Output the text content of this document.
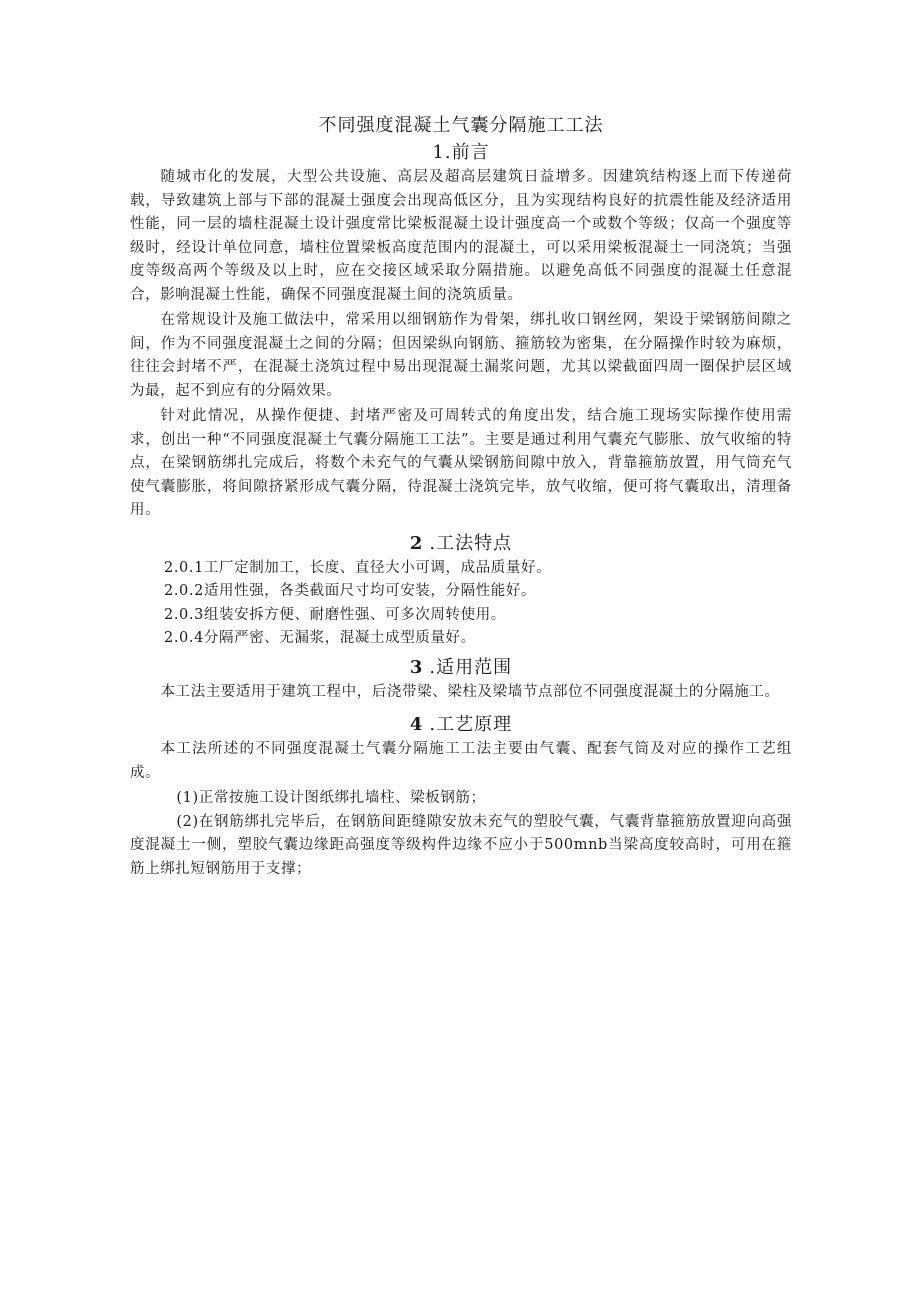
不同强度混凝土气囊分隔施工工法
1.前言

随城市化的发展，大型公共设施、高层及超高层建筑日益增多。因建筑结构逐上而下传递荷载，导致建筑上部与下部的混凝土强度会出现高低区分，且为实现结构良好的抗震性能及经济适用性能，同一层的墙柱混凝土设计强度常比梁板混凝土设计强度高一个或数个等级；仅高一个强度等级时，经设计单位同意，墙柱位置梁板高度范围内的混凝土，可以采用梁板混凝土一同浇筑；当强度等级高两个等级及以上时，应在交接区域采取分隔措施。以避免高低不同强度的混凝土任意混合，影响混凝土性能，确保不同强度混凝土间的浇筑质量。

在常规设计及施工做法中，常采用以细钢筋作为骨架，绑扎收口钢丝网，架设于梁钢筋间隙之间，作为不同强度混凝土之间的分隔；但因梁纵向钢筋、箍筋较为密集，在分隔操作时较为麻烦，往往会封堵不严，在混凝土浇筑过程中易出现混凝土漏浆问题，尤其以梁截面四周一圈保护层区域为最，起不到应有的分隔效果。

针对此情况，从操作便捷、封堵严密及可周转式的角度出发，结合施工现场实际操作使用需求，创出一种“不同强度混凝土气囊分隔施工工法”。主要是通过利用气囊充气膨胀、放气收缩的特点，在梁钢筋绑扎完成后，将数个未充气的气囊从梁钢筋间隙中放入，背靠箍筋放置，用气筒充气使气囊膨胀，将间隙挤紧形成气囊分隔，待混凝土浇筑完毕，放气收缩，便可将气囊取出，清理备用。

2 .工法特点

2.0.1工厂定制加工，长度、直径大小可调，成品质量好。

2.0.2适用性强，各类截面尺寸均可安装，分隔性能好。

2.0.3组装安拆方便、耐磨性强、可多次周转使用。

2.0.4分隔严密、无漏浆，混凝土成型质量好。

3 .适用范围

本工法主要适用于建筑工程中，后浇带梁、梁柱及梁墙节点部位不同强度混凝土的分隔施工。

4 .工艺原理

本工法所述的不同强度混凝土气囊分隔施工工法主要由气囊、配套气筒及对应的操作工艺组成。

(1)正常按施工设计图纸绑扎墙柱、梁板钢筋；

(2)在钢筋绑扎完毕后，在钢筋间距缝隙安放未充气的塑胶气囊，气囊背靠箍筋放置迎向高强度混凝土一侧，塑胶气囊边缘距高强度等级构件边缘不应小于500mnb当梁高度较高时，可用在箍筋上绑扎短钢筋用于支撑；
